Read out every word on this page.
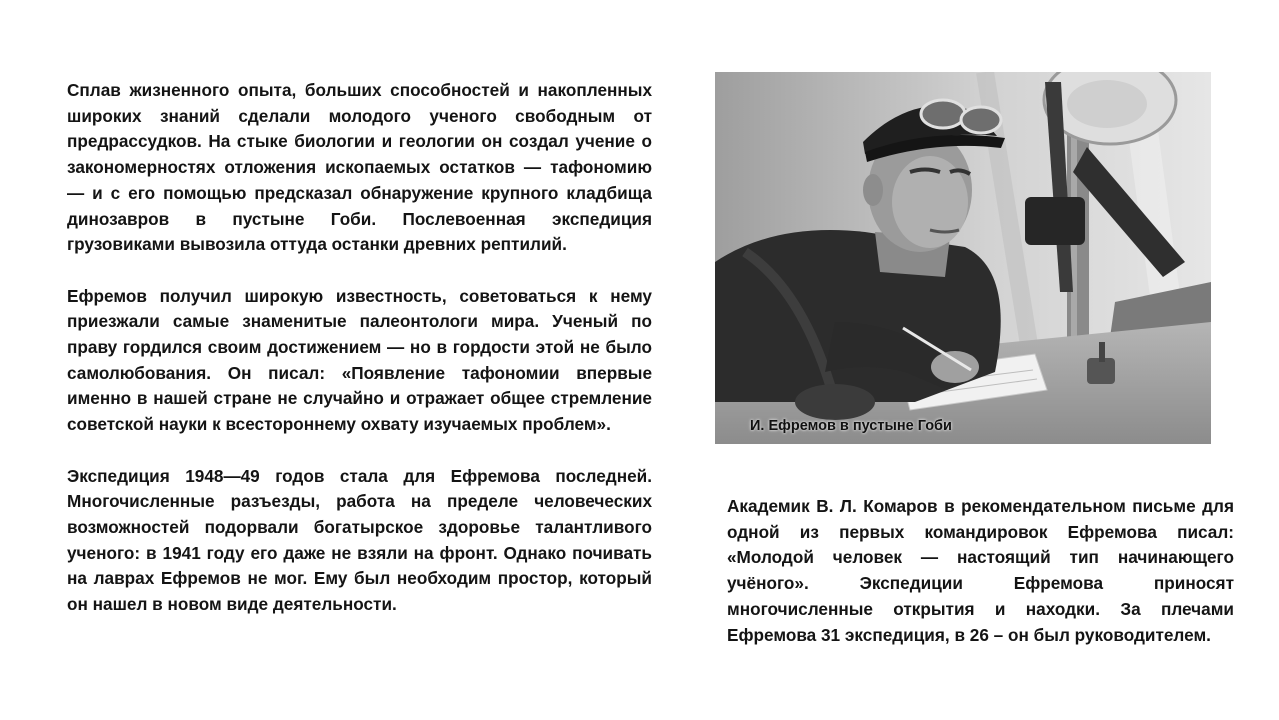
Сплав жизненного опыта, больших способностей и накопленных широких знаний сделали молодого ученого свободным от предрассудков. На стыке биологии и геологии он создал учение о закономерностях отложения ископаемых остатков — тафономию — и с его помощью предсказал обнаружение крупного кладбища динозавров в пустыне Гоби. Послевоенная экспедиция грузовиками вывозила оттуда останки древних рептилий.

Ефремов получил широкую известность, советоваться к нему приезжали самые знаменитые палеонтологи мира. Ученый по праву гордился своим достижением — но в гордости этой не было самолюбования. Он писал: «Появление тафономии впервые именно в нашей стране не случайно и отражает общее стремление советской науки к всестороннему охвату изучаемых проблем».

Экспедиция 1948—49 годов стала для Ефремова последней. Многочисленные разъезды, работа на пределе человеческих возможностей подорвали богатырское здоровье талантливого ученого: в 1941 году его даже не взяли на фронт. Однако почивать на лаврах Ефремов не мог. Ему был необходим простор, который он нашел в новом виде деятельности.

И. Ефремов в пустыне Гоби

Академик В. Л. Комаров в рекомендательном письме для одной из первых командировок Ефремова писал: «Молодой человек — настоящий тип начинающего учёного». Экспедиции Ефремова приносят многочисленные открытия и находки. За плечами Ефремова 31 экспедиция, в 26 – он был руководителем.
